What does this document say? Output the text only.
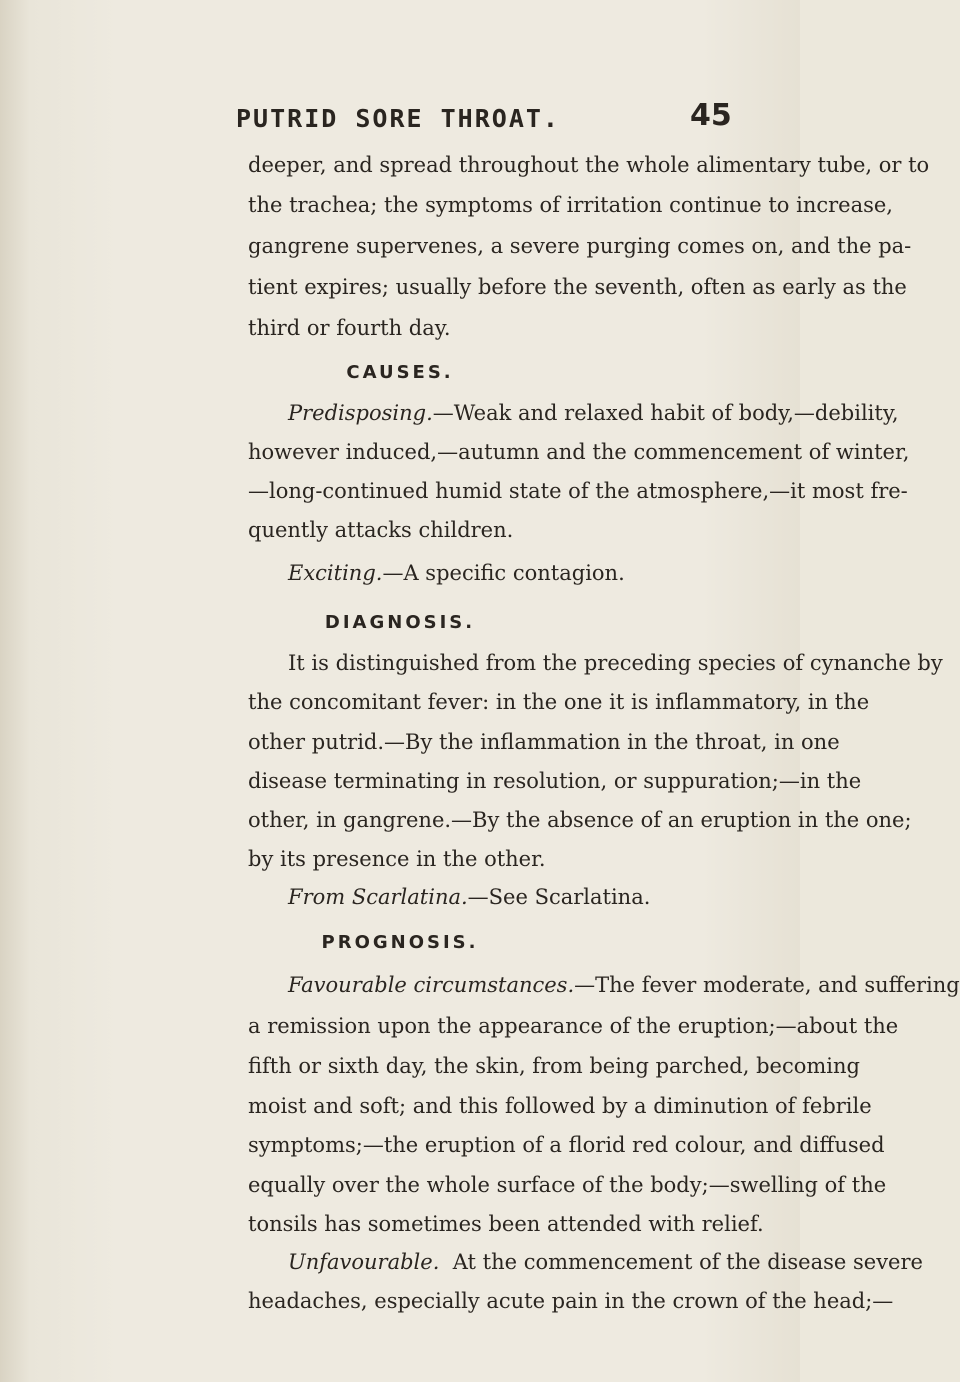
PUTRID SORE THROAT.	45
deeper, and spread throughout the whole alimentary tube, or to
the trachea; the symptoms of irritation continue to increase,
gangrene supervenes, a severe purging comes on, and the pa-
tient expires; usually before the seventh, often as early as the
third or fourth day.
CAUSES.
Predisposing.—Weak and relaxed habit of body,—debility,
however induced,—autumn and the commencement of winter,
—long-continued humid state of the atmosphere,—it most fre-
quently attacks children.
Exciting.—A specific contagion.
DIAGNOSIS.
It is distinguished from the preceding species of cynanche by
the concomitant fever: in the one it is inflammatory, in the
other putrid.—By the inflammation in the throat, in one
disease terminating in resolution, or suppuration;—in the
other, in gangrene.—By the absence of an eruption in the one;
by its presence in the other.
From Scarlatina.—See Scarlatina.
PROGNOSIS.
Favourable circumstances.—The fever moderate, and suffering
a remission upon the appearance of the eruption;—about the
fifth or sixth day, the skin, from being parched, becoming
moist and soft; and this followed by a diminution of febrile
symptoms;—the eruption of a florid red colour, and diffused
equally over the whole surface of the body;—swelling of the
tonsils has sometimes been attended with relief.
Unfavourable. At the commencement of the disease severe
headaches, especially acute pain in the crown of the head;—
